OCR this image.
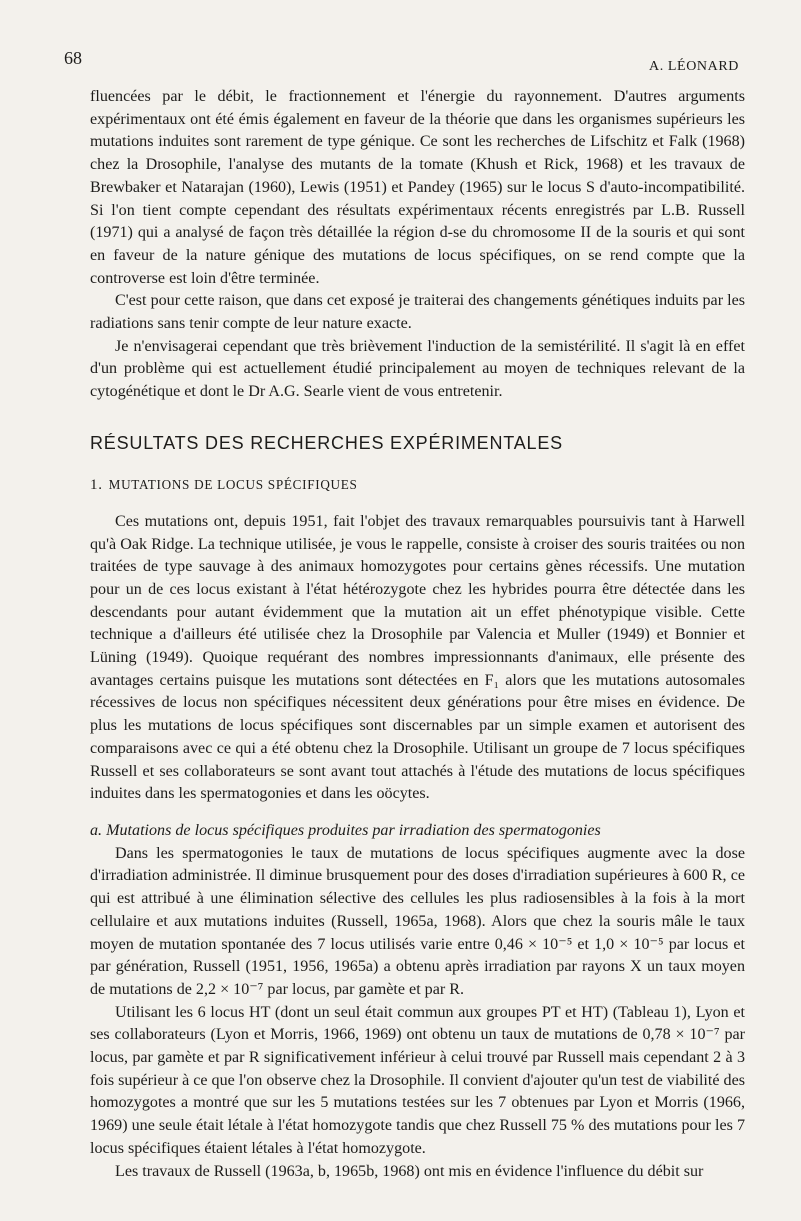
68	A. LÉONARD

fluencées par le débit, le fractionnement et l'énergie du rayonnement. D'autres arguments expérimentaux ont été émis également en faveur de la théorie que dans les organismes supérieurs les mutations induites sont rarement de type génique. Ce sont les recherches de Lifschitz et Falk (1968) chez la Drosophile, l'analyse des mutants de la tomate (Khush et Rick, 1968) et les travaux de Brewbaker et Natarajan (1960), Lewis (1951) et Pandey (1965) sur le locus S d'auto-incompatibilité. Si l'on tient compte cependant des résultats expérimentaux récents enregistrés par L.B. Russell (1971) qui a analysé de façon très détaillée la région d-se du chromosome II de la souris et qui sont en faveur de la nature génique des mutations de locus spécifiques, on se rend compte que la controverse est loin d'être terminée.

C'est pour cette raison, que dans cet exposé je traiterai des changements génétiques induits par les radiations sans tenir compte de leur nature exacte.

Je n'envisagerai cependant que très brièvement l'induction de la semistérilité. Il s'agit là en effet d'un problème qui est actuellement étudié principalement au moyen de techniques relevant de la cytogénétique et dont le Dr A.G. Searle vient de vous entretenir.

RÉSULTATS DES RECHERCHES EXPÉRIMENTALES
1. MUTATIONS DE LOCUS SPÉCIFIQUES

Ces mutations ont, depuis 1951, fait l'objet des travaux remarquables poursuivis tant à Harwell qu'à Oak Ridge. La technique utilisée, je vous le rappelle, consiste à croiser des souris traitées ou non traitées de type sauvage à des animaux homozygotes pour certains gènes récessifs. Une mutation pour un de ces locus existant à l'état hétérozygote chez les hybrides pourra être détectée dans les descendants pour autant évidemment que la mutation ait un effet phénotypique visible. Cette technique a d'ailleurs été utilisée chez la Drosophile par Valencia et Muller (1949) et Bonnier et Lüning (1949). Quoique requérant des nombres impressionnants d'animaux, elle présente des avantages certains puisque les mutations sont détectées en F₁ alors que les mutations autosomales récessives de locus non spécifiques nécessitent deux générations pour être mises en évidence. De plus les mutations de locus spécifiques sont discernables par un simple examen et autorisent des comparaisons avec ce qui a été obtenu chez la Drosophile. Utilisant un groupe de 7 locus spécifiques Russell et ses collaborateurs se sont avant tout attachés à l'étude des mutations de locus spécifiques induites dans les spermatogonies et dans les oöcytes.

a. Mutations de locus spécifiques produites par irradiation des spermatogonies

Dans les spermatogonies le taux de mutations de locus spécifiques augmente avec la dose d'irradiation administrée. Il diminue brusquement pour des doses d'irradiation supérieures à 600 R, ce qui est attribué à une élimination sélective des cellules les plus radiosensibles à la fois à la mort cellulaire et aux mutations induites (Russell, 1965a, 1968). Alors que chez la souris mâle le taux moyen de mutation spontanée des 7 locus utilisés varie entre 0,46 × 10⁻⁵ et 1,0 × 10⁻⁵ par locus et par génération, Russell (1951, 1956, 1965a) a obtenu après irradiation par rayons X un taux moyen de mutations de 2,2 × 10⁻⁷ par locus, par gamète et par R.

Utilisant les 6 locus HT (dont un seul était commun aux groupes PT et HT) (Tableau 1), Lyon et ses collaborateurs (Lyon et Morris, 1966, 1969) ont obtenu un taux de mutations de 0,78 × 10⁻⁷ par locus, par gamète et par R significativement inférieur à celui trouvé par Russell mais cependant 2 à 3 fois supérieur à ce que l'on observe chez la Drosophile. Il convient d'ajouter qu'un test de viabilité des homozygotes a montré que sur les 5 mutations testées sur les 7 obtenues par Lyon et Morris (1966, 1969) une seule était létale à l'état homozygote tandis que chez Russell 75 % des mutations pour les 7 locus spécifiques étaient létales à l'état homozygote.

Les travaux de Russell (1963a, b, 1965b, 1968) ont mis en évidence l'influence du débit sur
